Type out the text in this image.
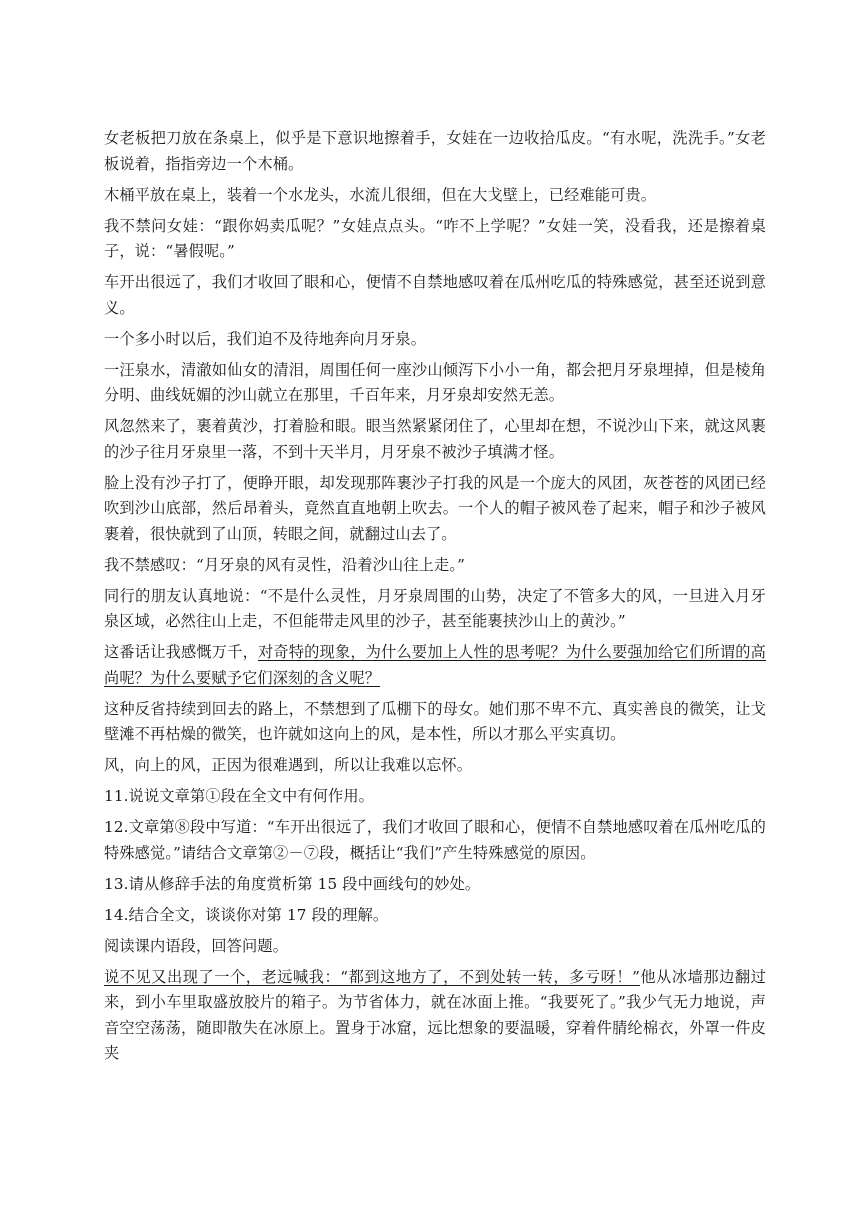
女老板把刀放在条桌上，似乎是下意识地擦着手，女娃在一边收拾瓜皮。“有水呢，洗洗手。”女老板说着，指指旁边一个木桶。

木桶平放在桌上，装着一个水龙头，水流儿很细，但在大戈壁上，已经难能可贵。

我不禁问女娃：“跟你妈卖瓜呢？”女娃点点头。“咋不上学呢？”女娃一笑，没看我，还是擦着桌子，说：“暑假呢。”

车开出很远了，我们才收回了眼和心，便情不自禁地感叹着在瓜州吃瓜的特殊感觉，甚至还说到意义。

一个多小时以后，我们迫不及待地奔向月牙泉。

一汪泉水，清澈如仙女的清泪，周围任何一座沙山倾泻下小小一角，都会把月牙泉埋掉，但是棱角分明、曲线妩媚的沙山就立在那里，千百年来，月牙泉却安然无恙。

风忽然来了，裹着黄沙，打着脸和眼。眼当然紧紧闭住了，心里却在想，不说沙山下来，就这风裹的沙子往月牙泉里一落，不到十天半月，月牙泉不被沙子填满才怪。

脸上没有沙子打了，便睁开眼，却发现那阵裹沙子打我的风是一个庞大的风团，灰苍苍的风团已经吹到沙山底部，然后昂着头，竟然直直地朝上吹去。一个人的帽子被风卷了起来，帽子和沙子被风裹着，很快就到了山顶，转眼之间，就翻过山去了。

我不禁感叹：“月牙泉的风有灵性，沿着沙山往上走。”

同行的朋友认真地说：“不是什么灵性，月牙泉周围的山势，决定了不管多大的风，一旦进入月牙泉区域，必然往山上走，不但能带走风里的沙子，甚至能裹挟沙山上的黄沙。”

这番话让我感慨万千，对奇特的现象，为什么要加上人性的思考呢？为什么要强加给它们所谓的高尚呢？为什么要赋予它们深刻的含义呢？

这种反省持续到回去的路上，不禁想到了瓜棚下的母女。她们那不卑不亢、真实善良的微笑，让戈壁滩不再枯燥的微笑，也许就如这向上的风，是本性，所以才那么平实真切。

风，向上的风，正因为很难遇到，所以让我难以忘怀。

11.说说文章第①段在全文中有何作用。

12.文章第⑧段中写道：“车开出很远了，我们才收回了眼和心，便情不自禁地感叹着在瓜州吃瓜的特殊感觉。”请结合文章第②－⑦段，概括让“我们”产生特殊感觉的原因。

13.请从修辞手法的角度赏析第 15 段中画线句的妙处。

14.结合全文，谈谈你对第 17 段的理解。

阅读课内语段，回答问题。

说不见又出现了一个，老远喊我：“都到这地方了，不到处转一转，多亏呀！”他从冰墙那边翻过来，到小车里取盛放胶片的箱子。为节省体力，就在冰面上推。“我要死了。”我少气无力地说，声音空空荡荡，随即散失在冰原上。置身于冰窟，远比想象的要温暖，穿着件腈纶棉衣，外罩一件皮夹
